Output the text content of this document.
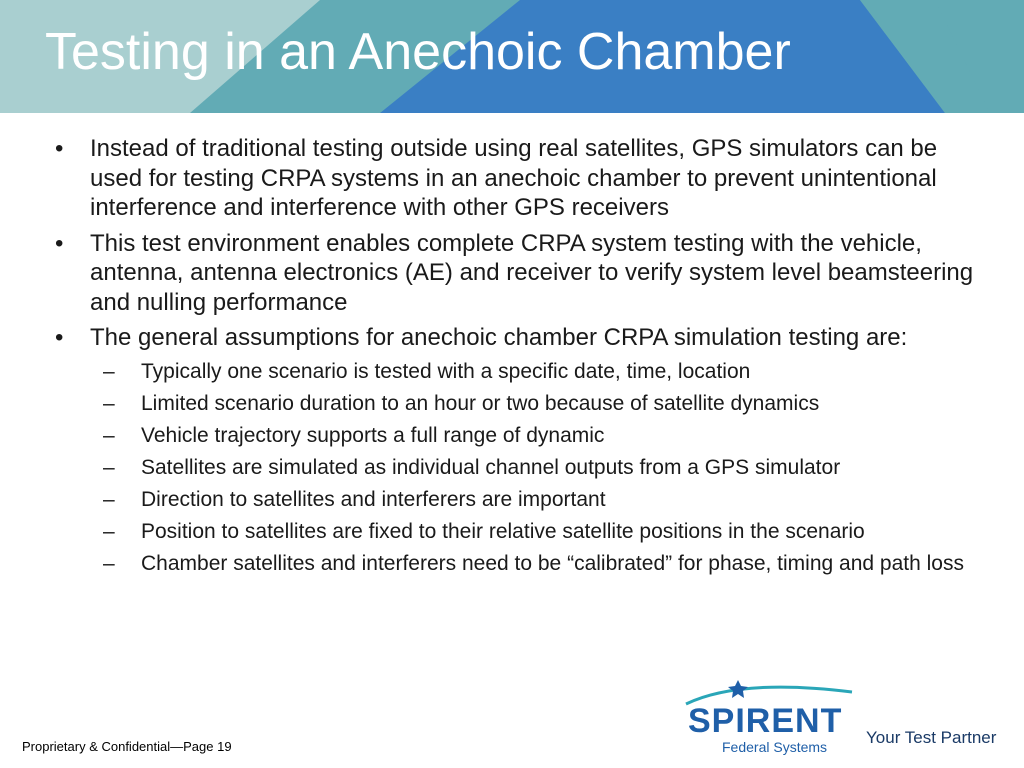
Testing in an Anechoic Chamber
• Instead of traditional testing outside using real satellites, GPS simulators can be used for testing CRPA systems in an anechoic chamber to prevent unintentional interference and interference with other GPS receivers
• This test environment enables complete CRPA system testing with the vehicle, antenna, antenna electronics (AE) and receiver to verify system level beamsteering and nulling performance
• The general assumptions for anechoic chamber CRPA simulation testing are:
– Typically one scenario is tested with a specific date, time, location
– Limited scenario duration to an hour or two because of satellite dynamics
– Vehicle trajectory supports a full range of dynamic
– Satellites are simulated as individual channel outputs from a GPS simulator
– Direction to satellites and interferers are important
– Position to satellites are fixed to their relative satellite positions in the scenario
– Chamber satellites and interferers need to be “calibrated” for phase, timing and path loss
Proprietary & Confidential—Page 19
SPIRENT
Federal Systems Your Test Partner
